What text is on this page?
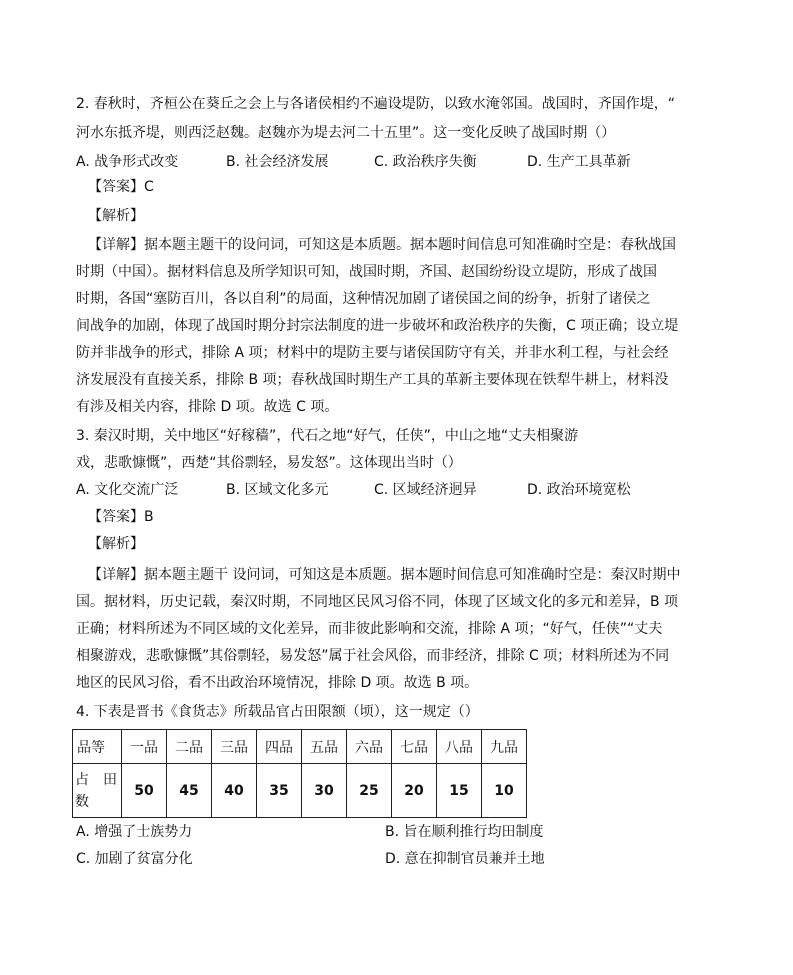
2. 春秋时，齐桓公在葵丘之会上与各诸侯相约不遍设堤防，以致水淹邻国。战国时，齐国作堤，“
河水东抵齐堤，则西泛赵魏。赵魏亦为堤去河二十五里”。这一变化反映了战国时期（）
A. 战争形式改变	B. 社会经济发展	C. 政治秩序失衡	D. 生产工具革新
【答案】C
【解析】
【详解】据本题主题干的设问词，可知这是本质题。据本题时间信息可知准确时空是：春秋战国
时期（中国）。据材料信息及所学知识可知，战国时期，齐国、赵国纷纷设立堤防，形成了战国
时期，各国“塞防百川，各以自利”的局面，这种情况加剧了诸侯国之间的纷争，折射了诸侯之
间战争的加剧，体现了战国时期分封宗法制度的进一步破坏和政治秩序的失衡，C 项正确；设立堤
防并非战争的形式，排除 A 项；材料中的堤防主要与诸侯国防守有关，并非水利工程，与社会经
济发展没有直接关系，排除 B 项；春秋战国时期生产工具的革新主要体现在铁犁牛耕上，材料没
有涉及相关内容，排除 D 项。故选 C 项。
3. 秦汉时期，关中地区“好稼穑”，代石之地“好气，任侠”，中山之地“丈夫相聚游
戏，悲歌慷慨”，西楚“其俗剽轻，易发怒”。这体现出当时（）
A. 文化交流广泛	B. 区域文化多元	C. 区域经济迥异	D. 政治环境宽松
【答案】B
【解析】
【详解】据本题主题干 设问词，可知这是本质题。据本题时间信息可知准确时空是：秦汉时期中
国。据材料，历史记载，秦汉时期，不同地区民风习俗不同，体现了区域文化的多元和差异，B 项
正确；材料所述为不同区域的文化差异，而非彼此影响和交流，排除 A 项；“好气，任侠”“丈夫
相聚游戏，悲歌慷慨”其俗剽轻，易发怒”属于社会风俗，而非经济，排除 C 项；材料所述为不同
地区的民风习俗，看不出政治环境情况，排除 D 项。故选 B 项。
4. 下表是晋书《食货志》所载品官占田限额（顷），这一规定（）
品等	一品	二品	三品	四品	五品	六品	七品	八品	九品

占　田
数	50	45	40	35	30	25	20	15	10
A. 增强了士族势力	B. 旨在顺利推行均田制度
C. 加剧了贫富分化	D. 意在抑制官员兼并土地
